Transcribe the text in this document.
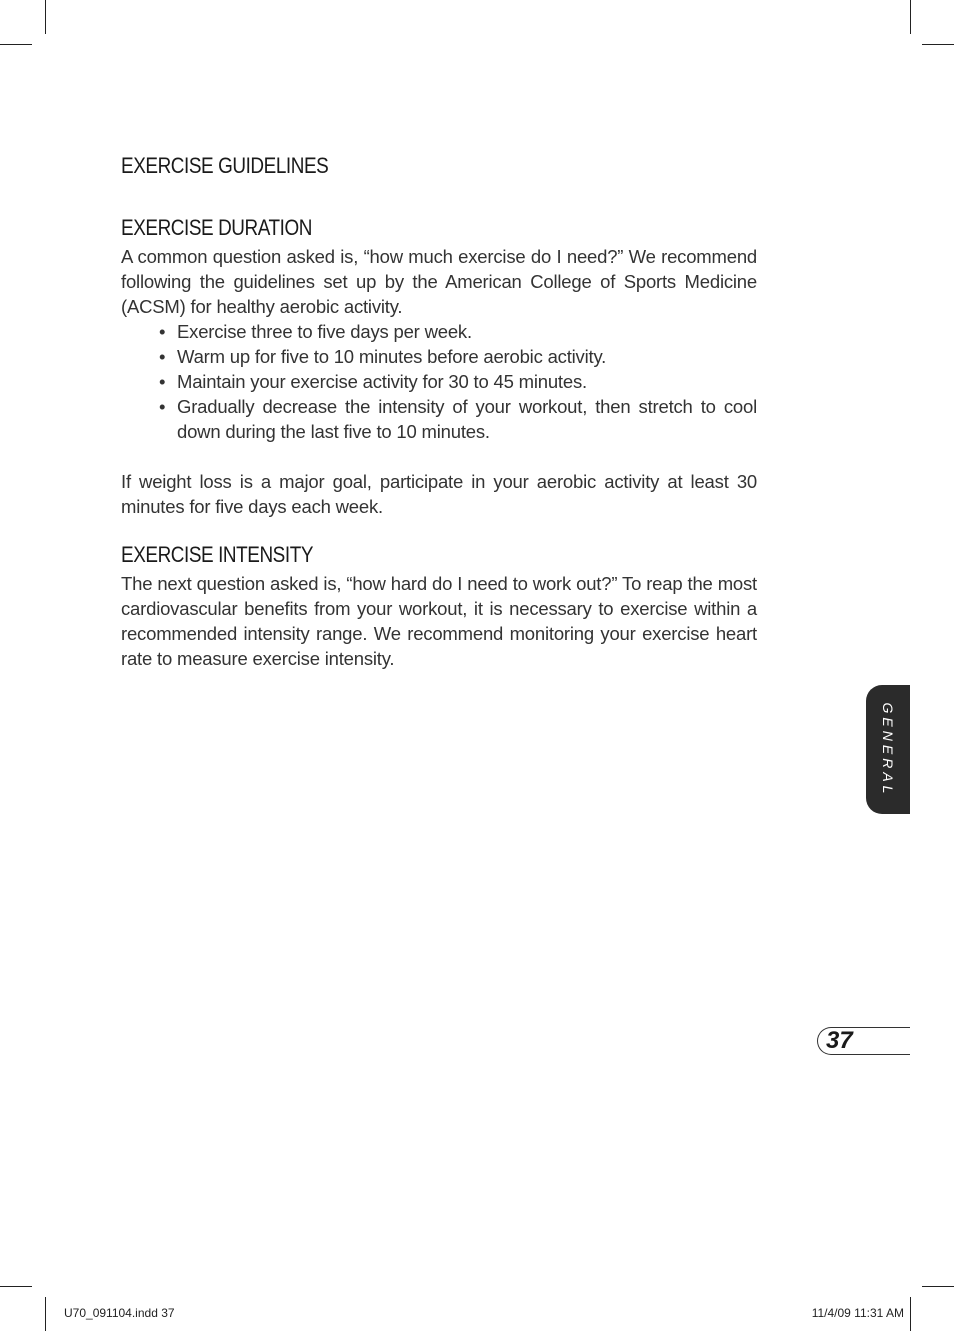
EXERCISE GUIDELINES
EXERCISE DURATION

A common question asked is, “how much exercise do I need?” We recommend following the guidelines set up by the American College of Sports Medicine (ACSM) for healthy aerobic activity.

• Exercise three to five days per week.
• Warm up for five to 10 minutes before aerobic activity.
• Maintain your exercise activity for 30 to 45 minutes.
• Gradually decrease the intensity of your workout, then stretch to cool down during the last five to 10 minutes.

If weight loss is a major goal, participate in your aerobic activity at least 30 minutes for five days each week.

EXERCISE INTENSITY

The next question asked is, “how hard do I need to work out?” To reap the most cardiovascular benefits from your workout, it is necessary to exercise within a recommended intensity range. We recommend monitoring your exercise heart rate to measure exercise intensity.

GENERAL
37
U70_091104.indd 37	11/4/09 11:31 AM
